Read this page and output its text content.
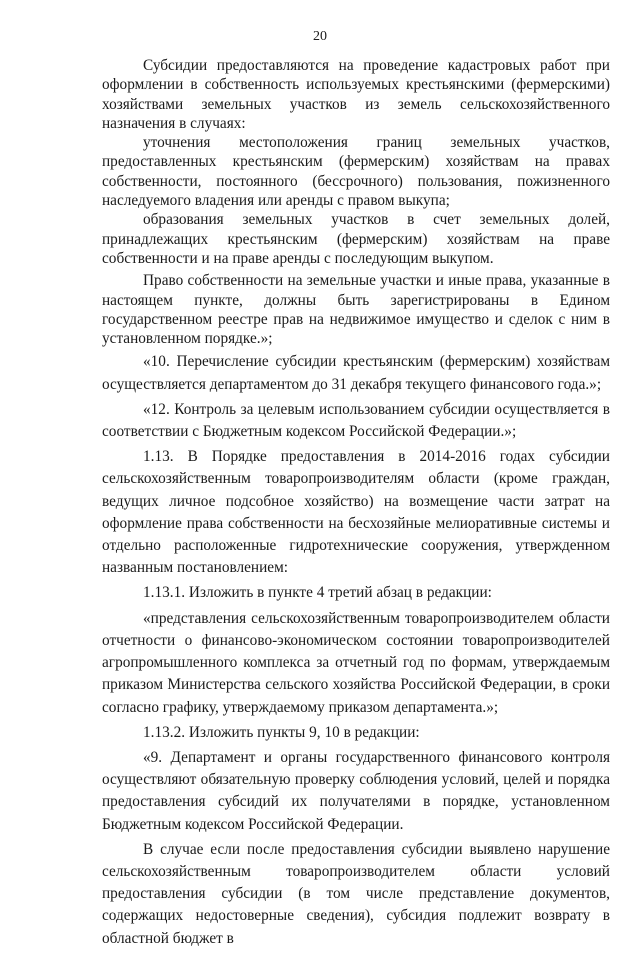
20

Субсидии предоставляются на проведение кадастровых работ при оформлении в собственность используемых крестьянскими (фермерскими) хозяйствами земельных участков из земель сельскохозяйственного назначения в случаях:

уточнения местоположения границ земельных участков, предоставленных крестьянским (фермерским) хозяйствам на правах собственности, постоянного (бессрочного) пользования, пожизненного наследуемого владения или аренды с правом выкупа;

образования земельных участков в счет земельных долей, принадлежащих крестьянским (фермерским) хозяйствам на праве собственности и на праве аренды с последующим выкупом.

Право собственности на земельные участки и иные права, указанные в настоящем пункте, должны быть зарегистрированы в Едином государственном реестре прав на недвижимое имущество и сделок с ним в установленном порядке.»;

«10. Перечисление субсидии крестьянским (фермерским) хозяйствам осуществляется департаментом до 31 декабря текущего финансового года.»;

«12. Контроль за целевым использованием субсидии осуществляется в соответствии с Бюджетным кодексом Российской Федерации.»;

1.13. В Порядке предоставления в 2014-2016 годах субсидии сельскохозяйственным товаропроизводителям области (кроме граждан, ведущих личное подсобное хозяйство) на возмещение части затрат на оформление права собственности на бесхозяйные мелиоративные системы и отдельно расположенные гидротехнические сооружения, утвержденном названным постановлением:

1.13.1. Изложить в пункте 4 третий абзац в редакции:

«представления сельскохозяйственным товаропроизводителем области отчетности о финансово-экономическом состоянии товаропроизводителей агропромышленного комплекса за отчетный год по формам, утверждаемым приказом Министерства сельского хозяйства Российской Федерации, в сроки согласно графику, утверждаемому приказом департамента.»;

1.13.2. Изложить пункты 9, 10 в редакции:

«9. Департамент и органы государственного финансового контроля осуществляют обязательную проверку соблюдения условий, целей и порядка предоставления субсидий их получателями в порядке, установленном Бюджетным кодексом Российской Федерации.

В случае если после предоставления субсидии выявлено нарушение сельскохозяйственным товаропроизводителем области условий предоставления субсидии (в том числе представление документов, содержащих недостоверные сведения), субсидия подлежит возврату в областной бюджет в
